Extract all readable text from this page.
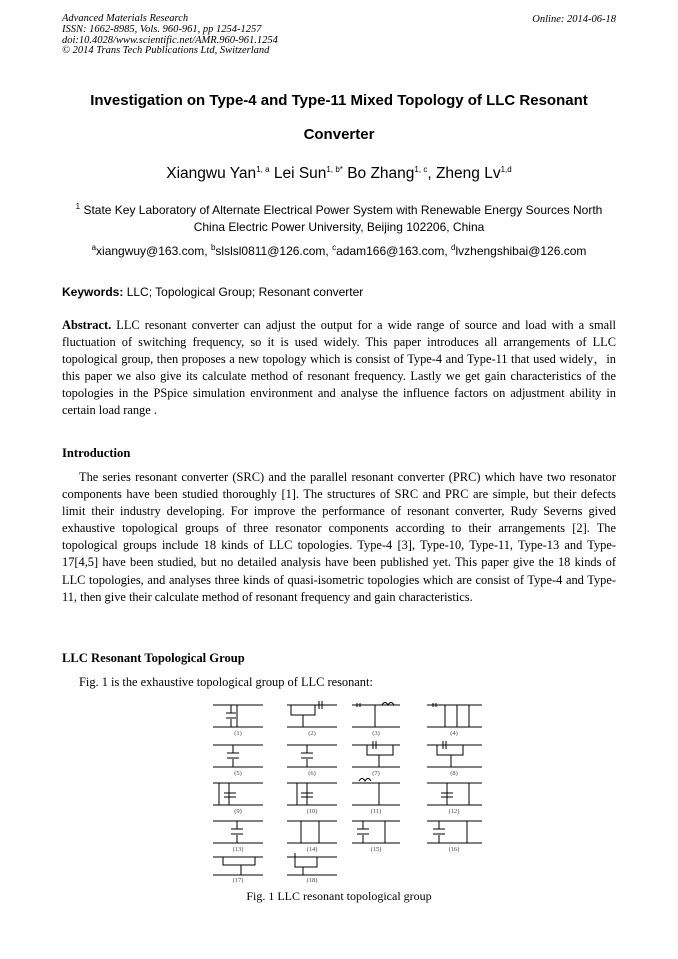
Advanced Materials Research
ISSN: 1662-8985, Vols. 960-961, pp 1254-1257
doi:10.4028/www.scientific.net/AMR.960-961.1254
© 2014 Trans Tech Publications Ltd, Switzerland
Online: 2014-06-18
Investigation on Type-4 and Type-11 Mixed Topology of LLC Resonant
Converter
Xiangwu Yan$^{1, a}$ Lei Sun$^{1, b*}$ Bo Zhang$^{1, c}$, Zheng Lv$^{1,d}$
$^1$ State Key Laboratory of Alternate Electrical Power System with Renewable Energy Sources North China Electric Power University, Beijing 102206, China
$^a$xiangwuy@163.com, $^b$slslsl0811@126.com, $^c$adam166@163.com, $^d$lvzhengshibai@126.com
Keywords: LLC; Topological Group; Resonant converter
Abstract. LLC resonant converter can adjust the output for a wide range of source and load with a small fluctuation of switching frequency, so it is used widely. This paper introduces all arrangements of LLC topological group, then proposes a new topology which is consist of Type-4 and Type-11 that used widely，in this paper we also give its calculate method of resonant frequency. Lastly we get gain characteristics of the topologies in the PSpice simulation environment and analyse the influence factors on adjustment ability in certain load range .
Introduction
The series resonant converter (SRC) and the parallel resonant converter (PRC) which have two resonator components have been studied thoroughly [1]. The structures of SRC and PRC are simple, but their defects limit their industry developing. For improve the performance of resonant converter, Rudy Severns gived exhaustive topological groups of three resonator components according to their arrangements [2]. The topological groups include 18 kinds of LLC topologies. Type-4 [3], Type-10, Type-11, Type-13 and Type-17[4,5] have been studied, but no detailed analysis have been published yet. This paper give the 18 kinds of LLC topologies, and analyses three kinds of quasi-isometric topologies which are consist of Type-4 and Type-11, then give their calculate method of resonant frequency and gain characteristics.
LLC Resonant Topological Group
Fig. 1 is the exhaustive topological group of LLC resonant:
(1)	(2)	(3)	(4)
(5)	(6)	(7)	(8)
(9)	(10)	(11)	(12)
(13)	(14)	(15)	(16)
(17)	(18)
Fig. 1 LLC resonant topological group
